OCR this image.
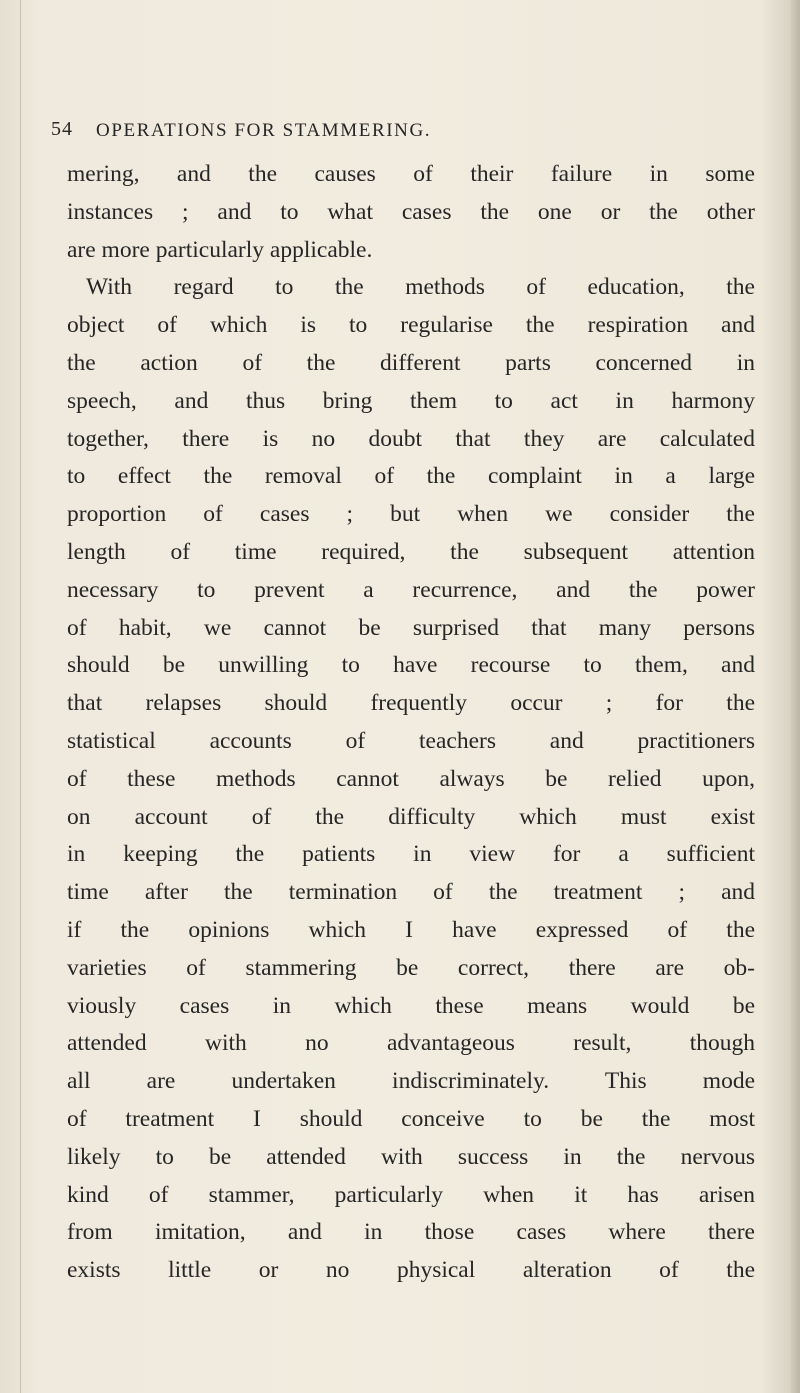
54 OPERATIONS FOR STAMMERING.
mering, and the causes of their failure in some
instances ; and to what cases the one or the other
are more particularly applicable.
With regard to the methods of education, the
object of which is to regularise the respiration and
the action of the different parts concerned in
speech, and thus bring them to act in harmony
together, there is no doubt that they are calculated
to effect the removal of the complaint in a large
proportion of cases ; but when we consider the
length of time required, the subsequent attention
necessary to prevent a recurrence, and the power
of habit, we cannot be surprised that many persons
should be unwilling to have recourse to them, and
that relapses should frequently occur ; for the
statistical accounts of teachers and practitioners
of these methods cannot always be relied upon,
on account of the difficulty which must exist
in keeping the patients in view for a sufficient
time after the termination of the treatment ; and
if the opinions which I have expressed of the
varieties of stammering be correct, there are ob-
viously cases in which these means would be
attended with no advantageous result, though
all are undertaken indiscriminately. This mode
of treatment I should conceive to be the most
likely to be attended with success in the nervous
kind of stammer, particularly when it has arisen
from imitation, and in those cases where there
exists little or no physical alteration of the
